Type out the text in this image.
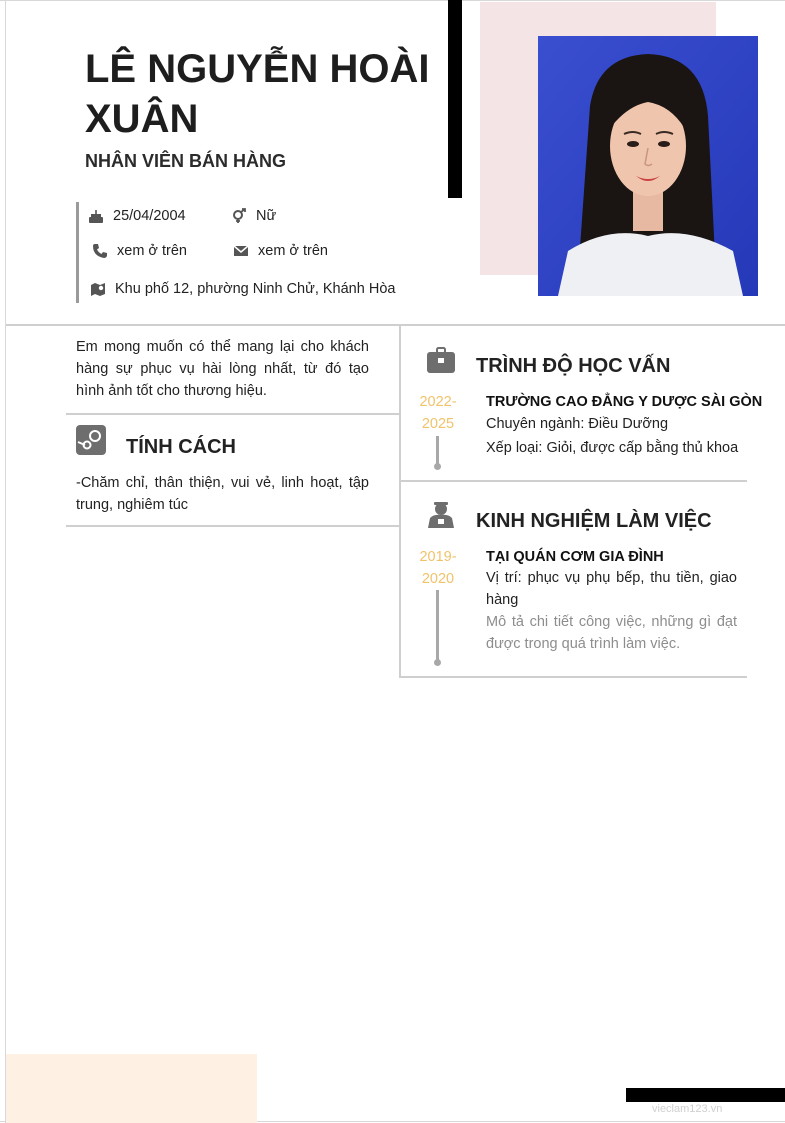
LÊ NGUYỄN HOÀI XUÂN
NHÂN VIÊN BÁN HÀNG
25/04/2004	Nữ
xem ở trên	xem ở trên
Khu phố 12, phường Ninh Chử, Khánh Hòa
Em mong muốn có thể mang lại cho khách hàng sự phục vụ hài lòng nhất, từ đó tạo hình ảnh tốt cho thương hiệu.
TÍNH CÁCH
-Chăm chỉ, thân thiện, vui vẻ, linh hoạt, tập trung, nghiêm túc
TRÌNH ĐỘ HỌC VẤN
2022-
2025
TRƯỜNG CAO ĐẲNG Y DƯỢC SÀI GÒN
Chuyên ngành: Điều Dưỡng
Xếp loại: Giỏi, được cấp bằng thủ khoa
KINH NGHIỆM LÀM VIỆC
2019-
2020
TẠI QUÁN CƠM GIA ĐÌNH
Vị trí: phục vụ phụ bếp, thu tiền, giao hàng
Mô tả chi tiết công việc, những gì đạt được trong quá trình làm việc.
vieclam123.vn
